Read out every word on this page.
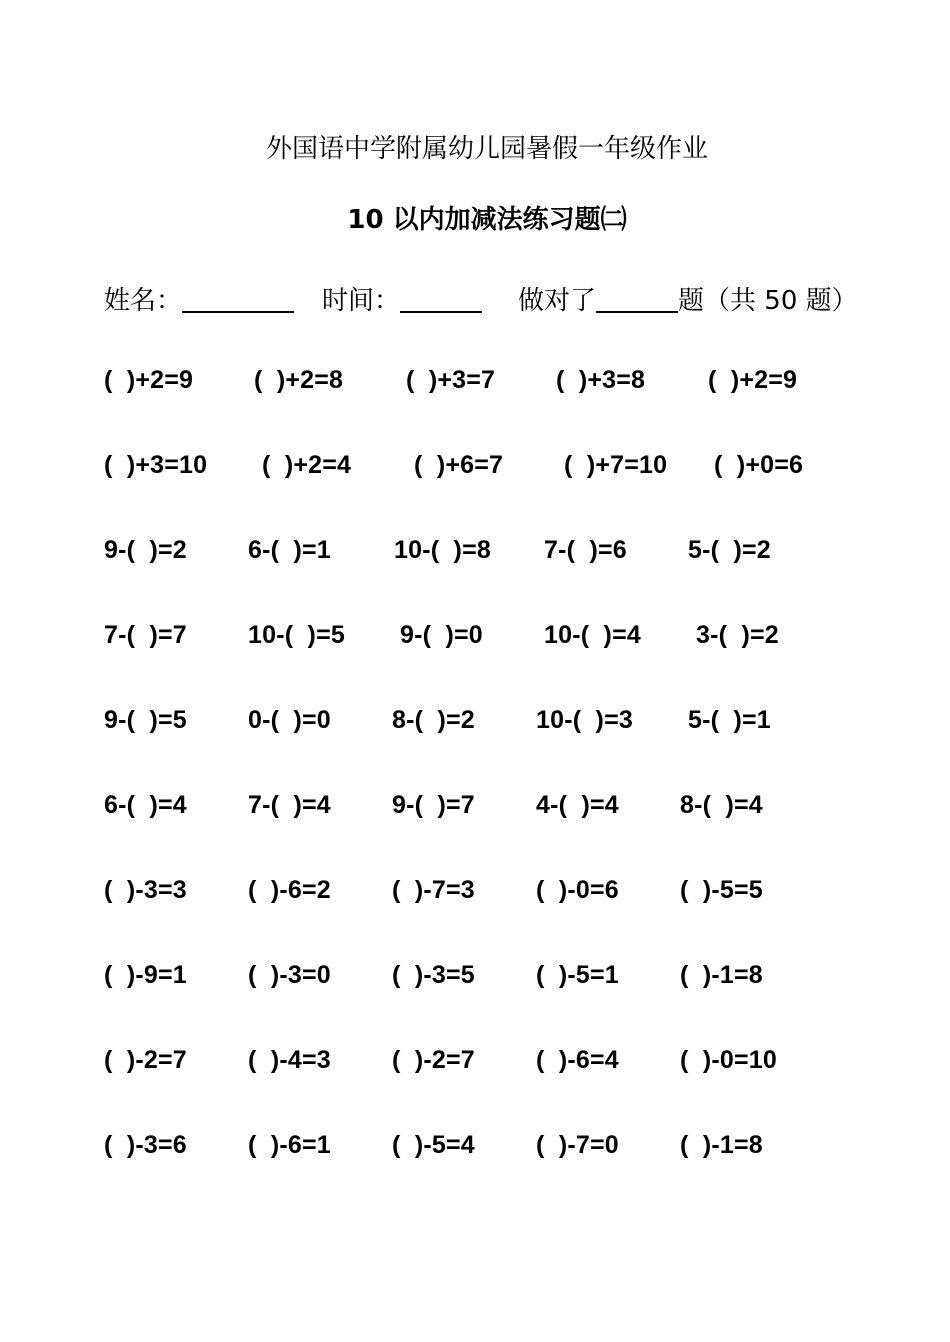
外国语中学附属幼儿园暑假一年级作业
10 以内加减法练习题㈡
姓名：	时间：	做对了	题（共 50 题）
(  )+2=9 (  )+2=8	(  )+3=7 (  )+3=8	(  )+2=9
(  )+3=10 (  )+2=4	(  )+6=7 (  )+7=10 (  )+0=6
9-(  )=2 6-(  )=1	10-(  )=8 7-(  )=6 5-(  )=2
7-(  )=7 10-(  )=5 9-(  )=0 10-(  )=4 3-(  )=2
9-(  )=5 0-(  )=0 8-(  )=2 10-(  )=3 5-(  )=1
6-(  )=4 7-(  )=4 9-(  )=7 4-(  )=4 8-(  )=4
(  )-3=3 (  )-6=2 (  )-7=3 (  )-0=6 (  )-5=5
(  )-9=1 (  )-3=0 (  )-3=5 (  )-5=1 (  )-1=8
(  )-2=7 (  )-4=3 (  )-2=7 (  )-6=4 (  )-0=10
(  )-3=6 (  )-6=1 (  )-5=4 (  )-7=0 (  )-1=8
